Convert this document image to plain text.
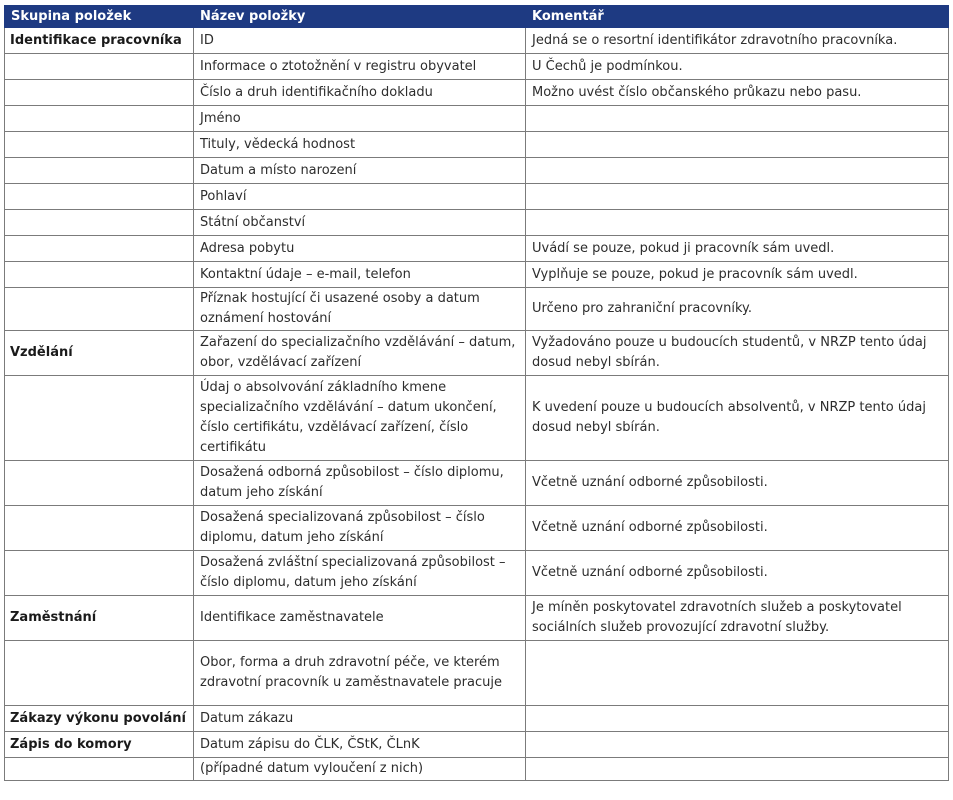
Skupina položek	Název položky	Komentář
Identifikace pracovníka	ID	Jedná se o resortní identifikátor zdravotního pracovníka.
	Informace o ztotožnění v registru obyvatel	U Čechů je podmínkou.
	Číslo a druh identifikačního dokladu	Možno uvést číslo občanského průkazu nebo pasu.
	Jméno	
	Tituly, vědecká hodnost	
	Datum a místo narození	
	Pohlaví	
	Státní občanství	
	Adresa pobytu	Uvádí se pouze, pokud ji pracovník sám uvedl.
	Kontaktní údaje – e-mail, telefon	Vyplňuje se pouze, pokud je pracovník sám uvedl.
	Příznak hostující či usazené osoby a datum oznámení hostování	Určeno pro zahraniční pracovníky.
Vzdělání	Zařazení do specializačního vzdělávání – datum, obor, vzdělávací zařízení	Vyžadováno pouze u budoucích studentů, v NRZP tento údaj dosud nebyl sbírán.
	Údaj o absolvování základního kmene specializačního vzdělávání – datum ukončení, číslo certifikátu, vzdělávací zařízení, číslo certifikátu	K uvedení pouze u budoucích absolventů, v NRZP tento údaj dosud nebyl sbírán.
	Dosažená odborná způsobilost – číslo diplomu, datum jeho získání	Včetně uznání odborné způsobilosti.
	Dosažená specializovaná způsobilost – číslo diplomu, datum jeho získání	Včetně uznání odborné způsobilosti.
	Dosažená zvláštní specializovaná způsobilost – číslo diplomu, datum jeho získání	Včetně uznání odborné způsobilosti.
Zaměstnání	Identifikace zaměstnavatele	Je míněn poskytovatel zdravotních služeb a poskytovatel sociálních služeb provozující zdravotní služby.
	Obor, forma a druh zdravotní péče, ve kterém zdravotní pracovník u zaměstnavatele pracuje	
Zákazy výkonu povolání	Datum zákazu	
Zápis do komory	Datum zápisu do ČLK, ČStK, ČLnK	
	(případné datum vyloučení z nich)	
